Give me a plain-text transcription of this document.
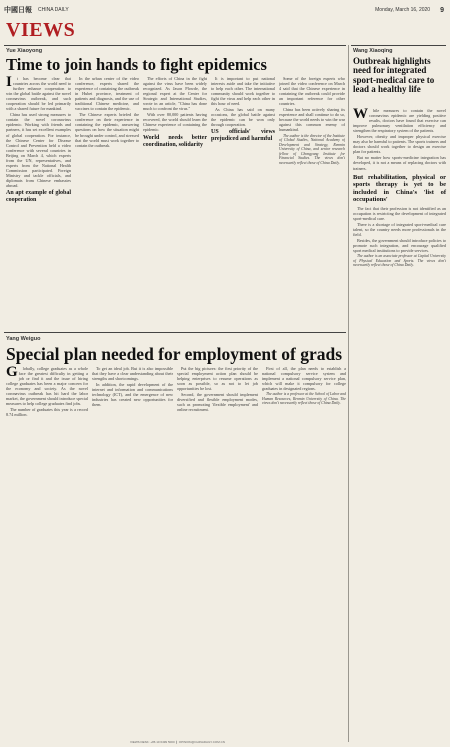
中國日報 CHINA DAILY	Monday, March 16, 2020 9
VIEWS
Yue Xiaoyong
Time to join hands to fight epidemics
I	t has become clear that countries across the world need to further enhance cooperation to win the global battle against the novel coronavirus outbreak, and such cooperation should be led primarily with a shared future for mankind.

China has used strong measures to contain the novel coronavirus epidemic. Working with friends and partners, it has set excellent examples of global cooperation. For instance, the Chinese Center for Disease Control and Prevention held a video conference with several countries in Beijing on March 4, which experts from the UN, representatives, and experts from the National Health Commission participated. Foreign Ministry and tackle officials, and diplomats from Chinese embassies abroad.

An apt example of global cooperation

In the urban center of the video conference, experts shared the experience of containing the outbreak in Hubei province, treatment of patients and diagnosis, and the use of traditional Chinese medicine, and vaccines to contain the epidemic.

The Chinese experts briefed the conference on their experience in containing the epidemic, answering questions on how the situation might be brought under control, and stressed that the world must work together to contain the outbreak.

The efforts of China in the fight against the virus have been widely recognized. As Jason Plowde, the regional expert at the Center for Strategic and International Studies, wrote in an article, "China has done much to confront the virus."

With over 80,000 patients having recovered, the world should learn the Chinese experience of containing the epidemic.

World needs better coordination, solidarity

It is important to put national interests aside and take the initiative to help each other. The international community should work together to fight the virus and help each other in this hour of need.

As China has said on many occasions, the global battle against the epidemic can be won only through cooperation.

US officials' views prejudiced and harmful

Some of the foreign experts who joined the video conference on March 4 said that the Chinese experience in containing the outbreak could provide an important reference for other countries.

China has been actively sharing its experience and shall continue to do so, because the world needs to win the war against this common enemy of humankind.

The author is the director of the Institute of Global Studies, National Academy of Development and Strategy, Renmin University of China, and senior research fellow of Chongyang Institute for Financial Studies. The views don't necessarily reflect those of China Daily.

Yang Weiguo
Special plan needed for employment of grads
G	lobally, college graduates as a whole face the greatest difficulty in getting a job or find it and the issue of hiring college graduates has been a major concern for the economy and society. As the novel coronavirus outbreak has hit hard the labor market, the government should introduce special measures to help college graduates find jobs.

The number of graduates this year is a record 8.74 million.

To get an ideal job. But it is also impossible that they have a clear understanding about their strengths and shortcomings.

In addition, the rapid development of the internet and information and communications technology (ICT), and the emergence of new industries has created new opportunities for them.

Put the big pictures: the first priority of the special employment action plan should be helping enterprises to resume operations as soon as possible, so as not to let job opportunities be lost.

Second, the government should implement diversified and flexible employment modes, such as promoting 'flexible employment' and online recruitment.

First of all, the plan needs to establish a national compulsory service system and implement a national compulsory service plan, which will make it compulsory for college graduates in designated regions.

The author is a professor at the School of Labor and Human Resources, Renmin University of China. The views don't necessarily reflect those of China Daily.

Wang Xiaoqing
Outbreak highlights need for integrated sport-medical care to lead a healthy life
W	hile measures to contain the novel coronavirus epidemic are yielding positive results, doctors have found that exercise can improve pulmonary ventilation efficiency and strengthen the respiratory system of the patients.

However, obesity and improper physical exercise may also be harmful to patients. The sports trainers and doctors should work together to design an exercise plan for patients.

But no matter how sports-medicine integration has developed, it is not a means of replacing doctors with trainers.

But rehabilitation, physical or sports therapy is yet to be included in China's 'list of occupations'

The fact that their profession is not identified as an occupation is restricting the development of integrated sport-medical care.

There is a shortage of integrated sport-medical care talent, so the country needs more professionals in the field.

Besides, the government should introduce policies to promote such integration, and encourage qualified sport medical institutions to provide services.

The author is an associate professor at Capital University of Physical Education and Sports. The views don't necessarily reflect those of China Daily.

VIEWS DESK: +86 10 6499 5000 ❙ OPINION@CHINADAILY.COM.CN
